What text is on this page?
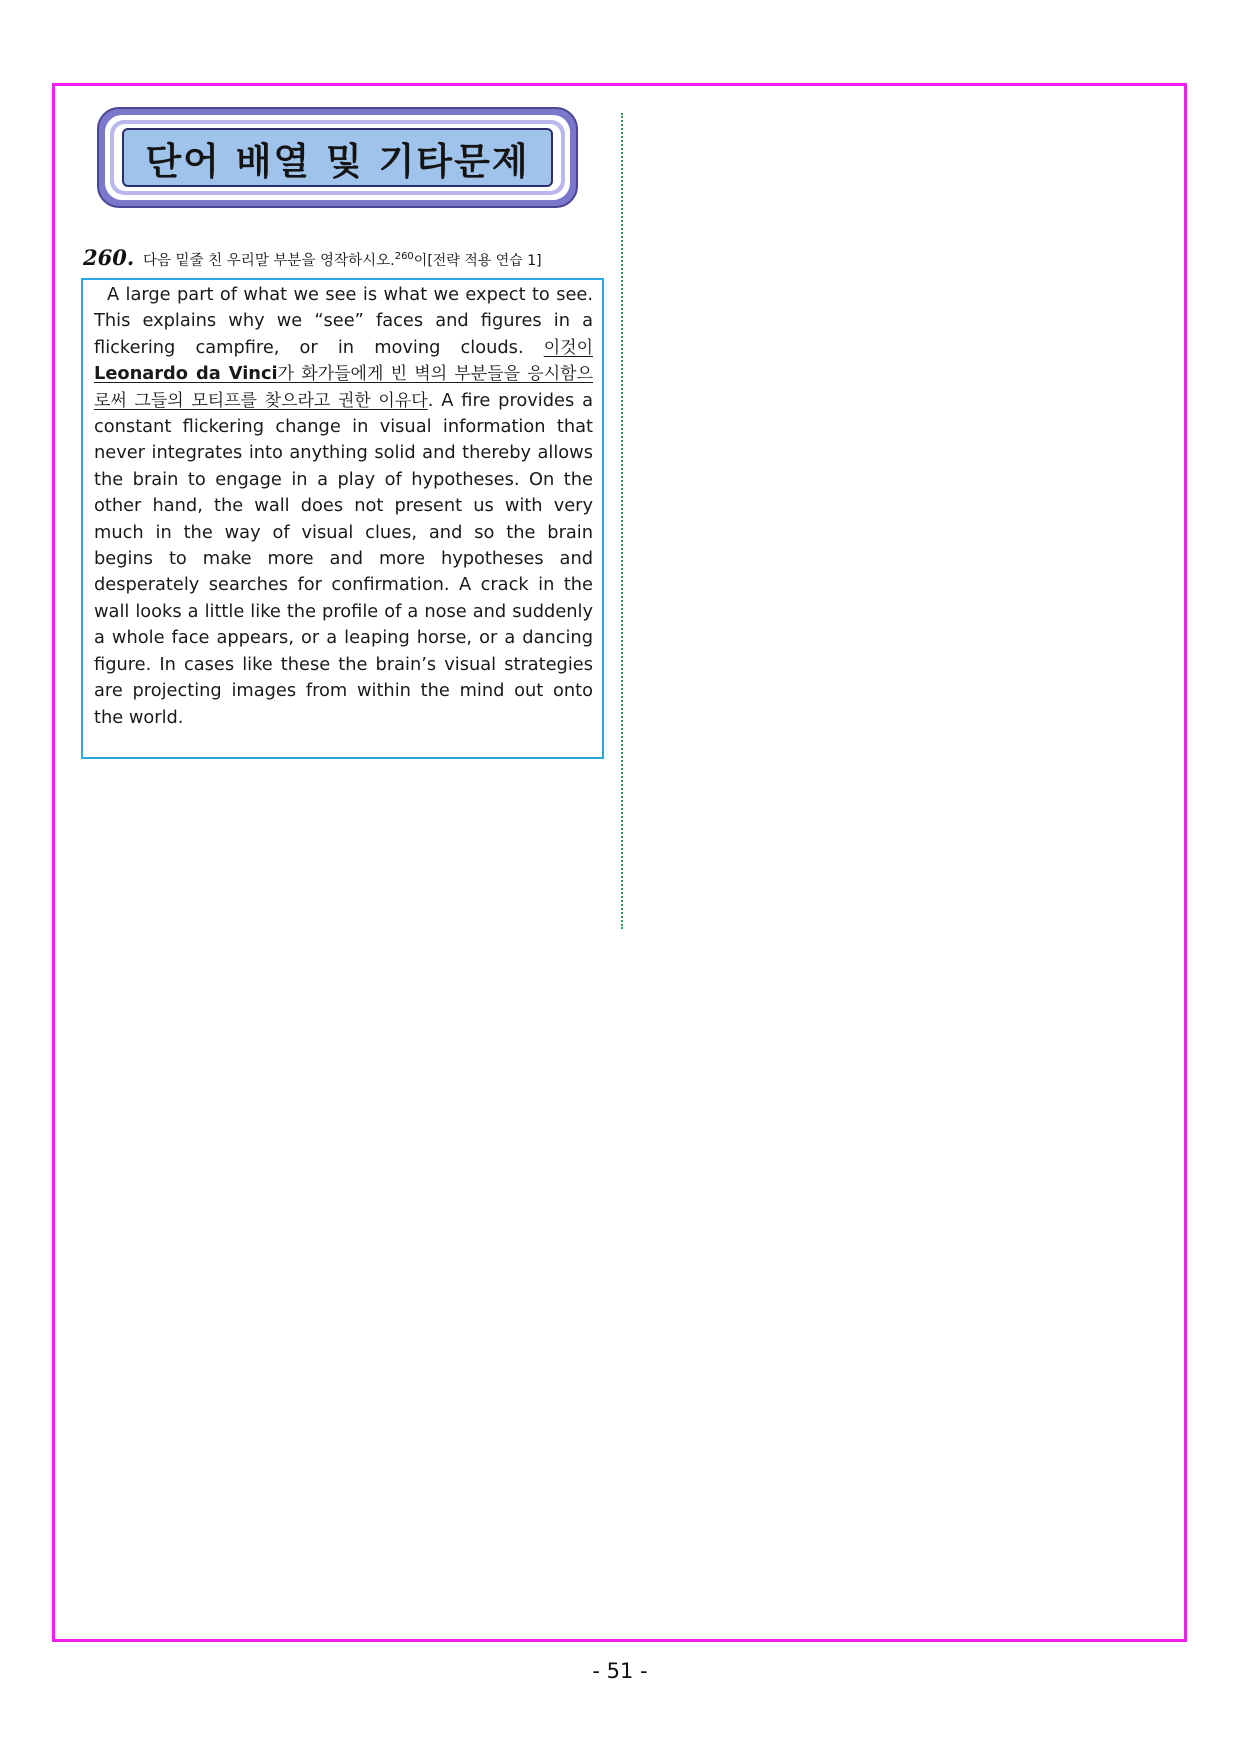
단어 배열 및 기타문제
260. 다음 밑줄 친 우리말 부분을 영작하시오.$^{260}$이[전략 적용 연습 1]

A large part of what we see is what we expect to see. This explains why we “see” faces and figures in a flickering campfire, or in moving clouds. 이것이 Leonardo da Vinci가 화가들에게 빈 벽의 부분들을 응시함으로써 그들의 모티프를 찾으라고 권한 이유다. A fire provides a constant flickering change in visual information that never integrates into anything solid and thereby allows the brain to engage in a play of hypotheses. On the other hand, the wall does not present us with very much in the way of visual clues, and so the brain begins to make more and more hypotheses and desperately searches for confirmation. A crack in the wall looks a little like the profile of a nose and suddenly a whole face appears, or a leaping horse, or a dancing figure. In cases like these the brain’s visual strategies are projecting images from within the mind out onto the world.

- 51 -
